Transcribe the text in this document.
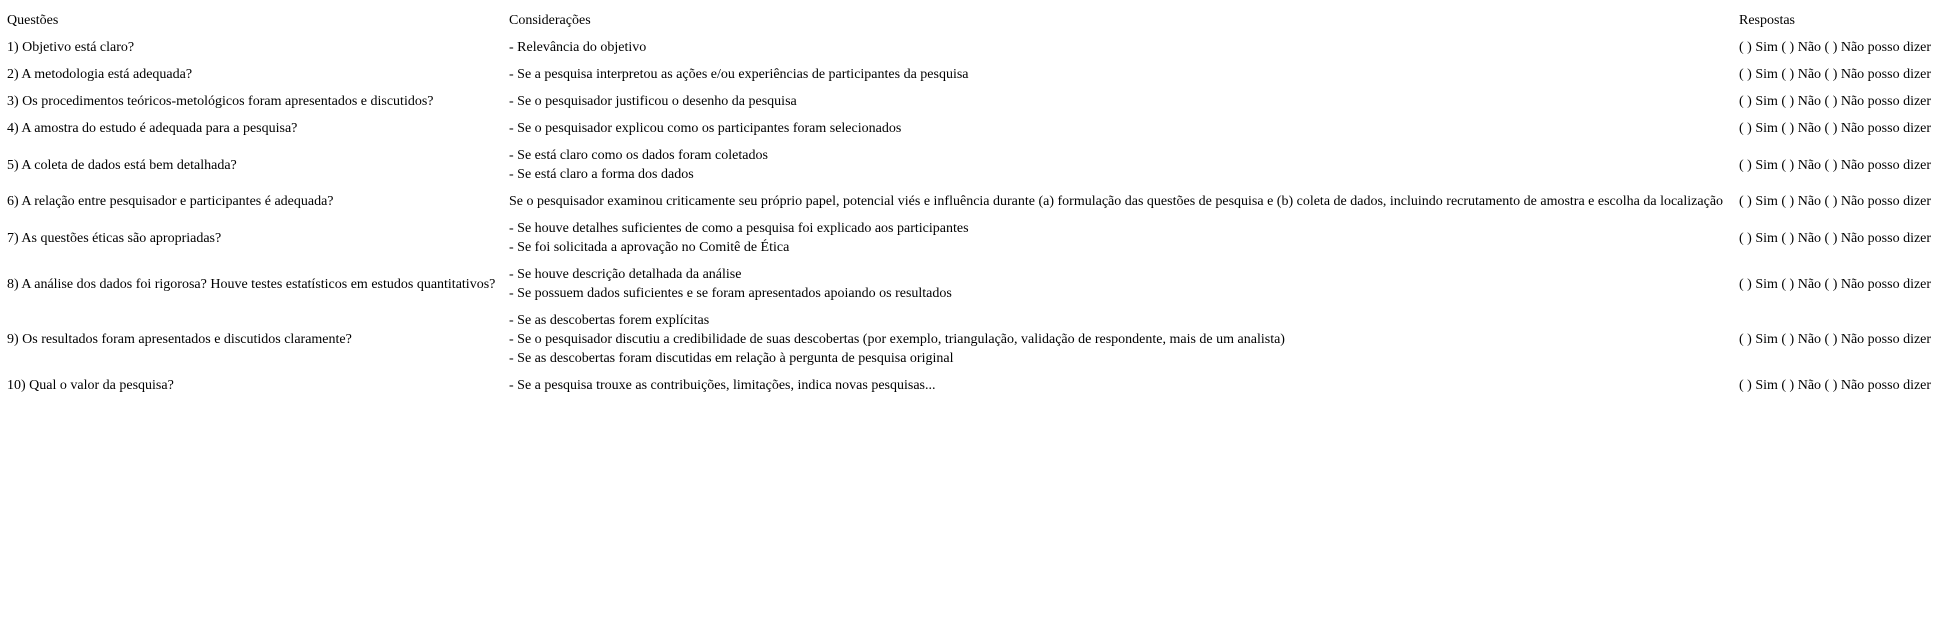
Questões	Considerações	Respostas
1) Objetivo está claro?	- Relevância do objetivo	( ) Sim ( ) Não ( ) Não posso dizer
2) A metodologia está adequada?	- Se a pesquisa interpretou as ações e/ou experiências de participantes da pesquisa	( ) Sim ( ) Não ( ) Não posso dizer
3) Os procedimentos teóricos-metológicos foram apresentados e discutidos?	- Se o pesquisador justificou o desenho da pesquisa	( ) Sim ( ) Não ( ) Não posso dizer
4) A amostra do estudo é adequada para a pesquisa?	- Se o pesquisador explicou como os participantes foram selecionados	( ) Sim ( ) Não ( ) Não posso dizer
5) A coleta de dados está bem detalhada?	- Se está claro como os dados foram coletados
- Se está claro a forma dos dados	( ) Sim ( ) Não ( ) Não posso dizer
6) A relação entre pesquisador e participantes é adequada?	Se o pesquisador examinou criticamente seu próprio papel, potencial viés e influência durante (a) formulação das questões de pesquisa e (b) coleta de dados, incluindo recrutamento de amostra e escolha da localização	( ) Sim ( ) Não ( ) Não posso dizer
7) As questões éticas são apropriadas?	- Se houve detalhes suficientes de como a pesquisa foi explicado aos participantes
- Se foi solicitada a aprovação no Comitê de Ética	( ) Sim ( ) Não ( ) Não posso dizer
8) A análise dos dados foi rigorosa? Houve testes estatísticos em estudos quantitativos?	- Se houve descrição detalhada da análise
- Se possuem dados suficientes e se foram apresentados apoiando os resultados	( ) Sim ( ) Não ( ) Não posso dizer
9) Os resultados foram apresentados e discutidos claramente?	- Se as descobertas forem explícitas
- Se o pesquisador discutiu a credibilidade de suas descobertas (por exemplo, triangulação, validação de respondente, mais de um analista)
- Se as descobertas foram discutidas em relação à pergunta de pesquisa original	( ) Sim ( ) Não ( ) Não posso dizer
10) Qual o valor da pesquisa?	- Se a pesquisa trouxe as contribuições, limitações, indica novas pesquisas...	( ) Sim ( ) Não ( ) Não posso dizer
